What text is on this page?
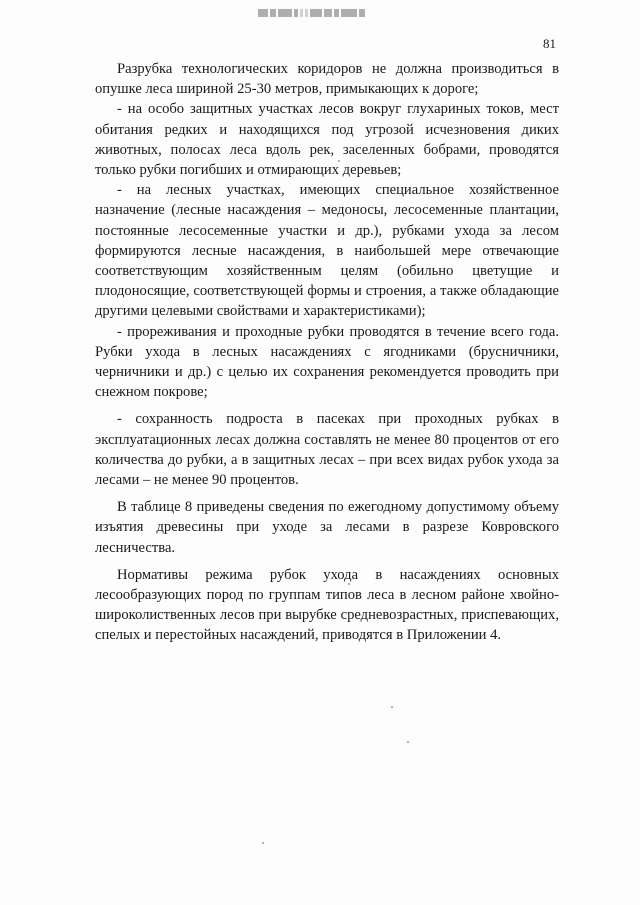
81

Разрубка технологических коридоров не должна производиться в опушке леса шириной 25-30 метров, примыкающих к дороге;

- на особо защитных участках лесов вокруг глухариных токов, мест обитания редких и находящихся под угрозой исчезновения диких животных, полосах леса вдоль рек, заселенных бобрами, проводятся только рубки погибших и отмирающих деревьев;

- на лесных участках, имеющих специальное хозяйственное назначение (лесные насаждения – медоносы, лесосеменные плантации, постоянные лесосеменные участки и др.), рубками ухода за лесом формируются лесные насаждения, в наибольшей мере отвечающие соответствующим хозяйственным целям (обильно цветущие и плодоносящие, соответствующей формы и строения, а также обладающие другими целевыми свойствами и характеристиками);

- прореживания и проходные рубки проводятся в течение всего года. Рубки ухода в лесных насаждениях с ягодниками (брусничники, черничники и др.) с целью их сохранения рекомендуется проводить при снежном покрове;

- сохранность подроста в пасеках при проходных рубках в эксплуатационных лесах должна составлять не менее 80 процентов от его количества до рубки, а в защитных лесах – при всех видах рубок ухода за лесами – не менее 90 процентов.

В таблице 8 приведены сведения по ежегодному допустимому объему изъятия древесины при уходе за лесами в разрезе Ковровского лесничества.

Нормативы режима рубок ухода в насаждениях основных лесообразующих пород по группам типов леса в лесном районе хвойно-широколиственных лесов при вырубке средневозрастных, приспевающих, спелых и перестойных насаждений, приводятся в Приложении 4.
